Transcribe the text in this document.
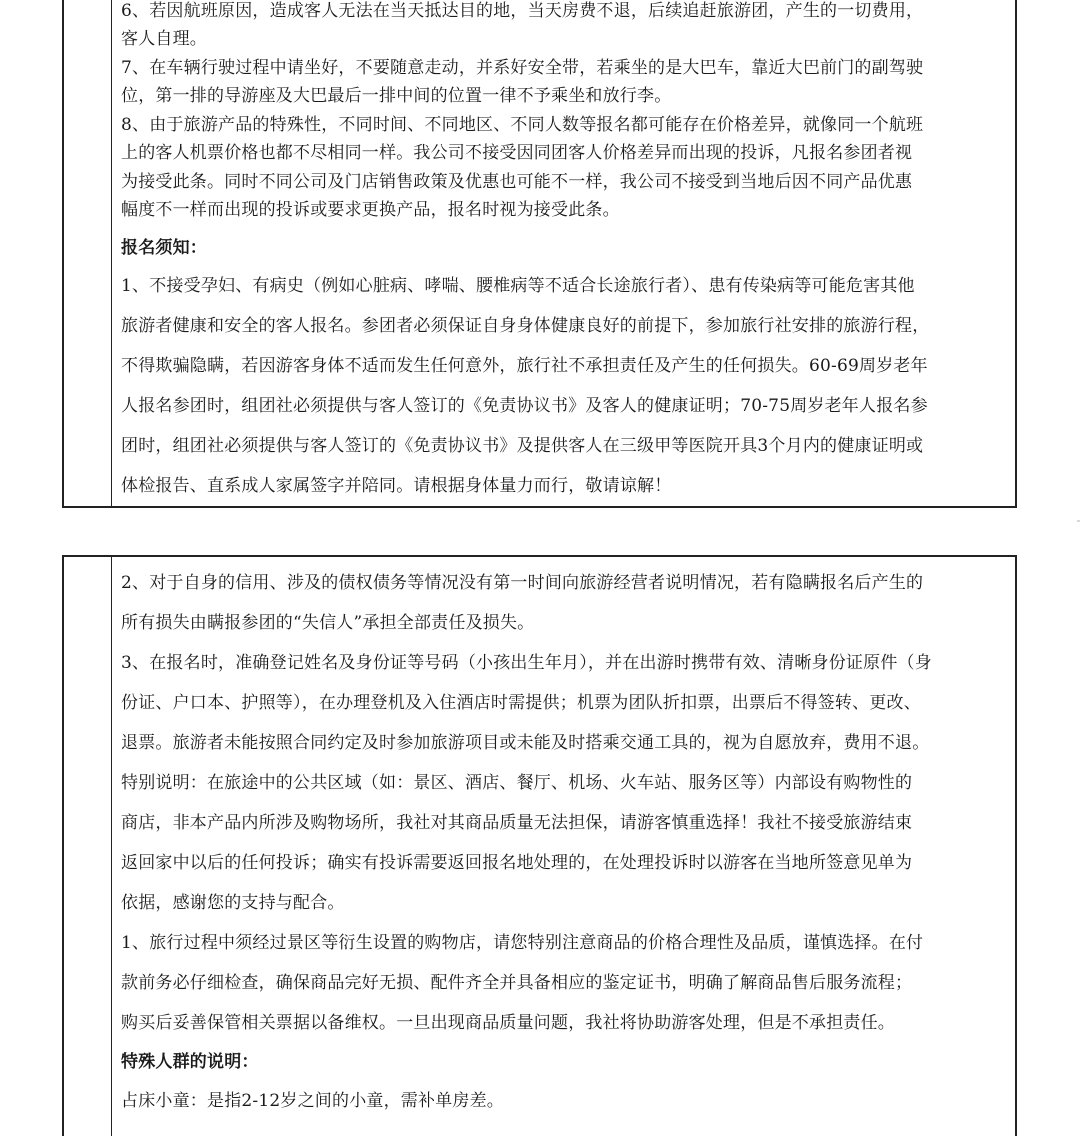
6、若因航班原因，造成客人无法在当天抵达目的地，当天房费不退，后续追赶旅游团，产生的一切费用，
客人自理。
7、在车辆行驶过程中请坐好，不要随意走动，并系好安全带，若乘坐的是大巴车，靠近大巴前门的副驾驶
位，第一排的导游座及大巴最后一排中间的位置一律不予乘坐和放行李。
8、由于旅游产品的特殊性，不同时间、不同地区、不同人数等报名都可能存在价格差异，就像同一个航班
上的客人机票价格也都不尽相同一样。我公司不接受因同团客人价格差异而出现的投诉，凡报名参团者视
为接受此条。同时不同公司及门店销售政策及优惠也可能不一样，我公司不接受到当地后因不同产品优惠
幅度不一样而出现的投诉或要求更换产品，报名时视为接受此条。
报名须知：
1、不接受孕妇、有病史（例如心脏病、哮喘、腰椎病等不适合长途旅行者）、患有传染病等可能危害其他
旅游者健康和安全的客人报名。参团者必须保证自身身体健康良好的前提下，参加旅行社安排的旅游行程，
不得欺骗隐瞒，若因游客身体不适而发生任何意外，旅行社不承担责任及产生的任何损失。60-69周岁老年
人报名参团时，组团社必须提供与客人签订的《免责协议书》及客人的健康证明；70-75周岁老年人报名参
团时，组团社必须提供与客人签订的《免责协议书》及提供客人在三级甲等医院开具3个月内的健康证明或
体检报告、直系成人家属签字并陪同。请根据身体量力而行，敬请谅解！
2、对于自身的信用、涉及的债权债务等情况没有第一时间向旅游经营者说明情况，若有隐瞒报名后产生的
所有损失由瞒报参团的“失信人”承担全部责任及损失。
3、在报名时，准确登记姓名及身份证等号码（小孩出生年月），并在出游时携带有效、清晰身份证原件（身
份证、户口本、护照等），在办理登机及入住酒店时需提供；机票为团队折扣票，出票后不得签转、更改、
退票。旅游者未能按照合同约定及时参加旅游项目或未能及时搭乘交通工具的，视为自愿放弃，费用不退。
特别说明：在旅途中的公共区域（如：景区、酒店、餐厅、机场、火车站、服务区等）内部设有购物性的
商店，非本产品内所涉及购物场所，我社对其商品质量无法担保，请游客慎重选择！我社不接受旅游结束
返回家中以后的任何投诉；确实有投诉需要返回报名地处理的，在处理投诉时以游客在当地所签意见单为
依据，感谢您的支持与配合。
1、旅行过程中须经过景区等衍生设置的购物店，请您特别注意商品的价格合理性及品质，谨慎选择。在付
款前务必仔细检查，确保商品完好无损、配件齐全并具备相应的鉴定证书，明确了解商品售后服务流程；
购买后妥善保管相关票据以备维权。一旦出现商品质量问题，我社将协助游客处理，但是不承担责任。
特殊人群的说明：
占床小童：是指2-12岁之间的小童，需补单房差。
